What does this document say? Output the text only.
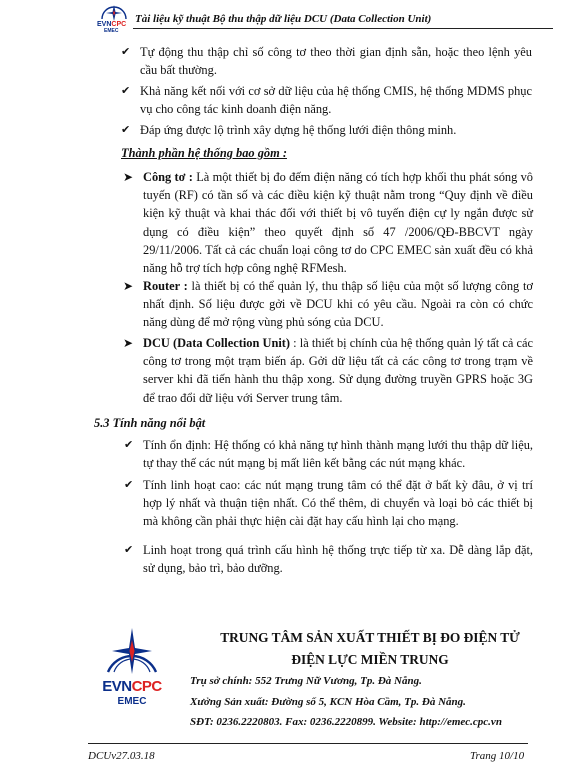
EVNCPC
EMEC
Tài liệu kỹ thuật Bộ thu thập dữ liệu DCU (Data Collection Unit)
✔ Tự động thu thập chỉ số công tơ theo thời gian định sẵn, hoặc theo lệnh yêu cầu bất thường.
✔ Khả năng kết nối với cơ sở dữ liệu của hệ thống CMIS, hệ thống MDMS phục vụ cho công tác kinh doanh điện năng.
✔ Đáp ứng được lộ trình xây dựng hệ thống lưới điện thông minh.
Thành phần hệ thống bao gồm :
➤ Công tơ : Là một thiết bị đo đếm điện năng có tích hợp khối thu phát sóng vô tuyến (RF) có tần số và các điều kiện kỹ thuật nằm trong “Quy định về điều kiện kỹ thuật và khai thác đối với thiết bị vô tuyến điện cự ly ngắn được sử dụng có điều kiện” theo quyết định số 47 /2006/QĐ-BBCVT ngày 29/11/2006. Tất cả các chuẩn loại công tơ do CPC EMEC sản xuất đều có khả năng hỗ trợ tích hợp công nghệ RFMesh.
➤ Router : là thiết bị có thể quản lý, thu thập số liệu của một số lượng công tơ nhất định. Số liệu được gởi về DCU khi có yêu cầu. Ngoài ra còn có chức năng dùng để mở rộng vùng phủ sóng của DCU.
➤ DCU (Data Collection Unit) : là thiết bị chính của hệ thống quản lý tất cả các công tơ trong một trạm biến áp. Gởi dữ liệu tất cả các công tơ trong trạm về server khi đã tiến hành thu thập xong. Sử dụng đường truyền GPRS hoặc 3G để trao đổi dữ liệu với Server trung tâm.
5.3 Tính năng nổi bật
✔ Tính ổn định: Hệ thống có khả năng tự hình thành mạng lưới thu thập dữ liệu, tự thay thế các nút mạng bị mất liên kết bằng các nút mạng khác.
✔ Tính linh hoạt cao: các nút mạng trung tâm có thể đặt ở bất kỳ đâu, ở vị trí hợp lý nhất và thuận tiện nhất. Có thể thêm, di chuyển và loại bỏ các thiết bị mà không cần phải thực hiện cài đặt hay cấu hình lại cho mạng.
✔ Linh hoạt trong quá trình cấu hình hệ thống trực tiếp từ xa. Dễ dàng lắp đặt, sử dụng, bảo trì, bảo dưỡng.
EVNCPC
EMEC
TRUNG TÂM SẢN XUẤT THIẾT BỊ ĐO ĐIỆN TỬ
ĐIỆN LỰC MIỀN TRUNG
Trụ sở chính: 552 Trưng Nữ Vương, Tp. Đà Nẵng.
Xưởng Sản xuất: Đường số 5, KCN Hòa Cầm, Tp. Đà Nẵng.
SĐT: 0236.2220803. Fax: 0236.2220899. Website: http://emec.cpc.vn
DCUv27.03.18	Trang 10/10
